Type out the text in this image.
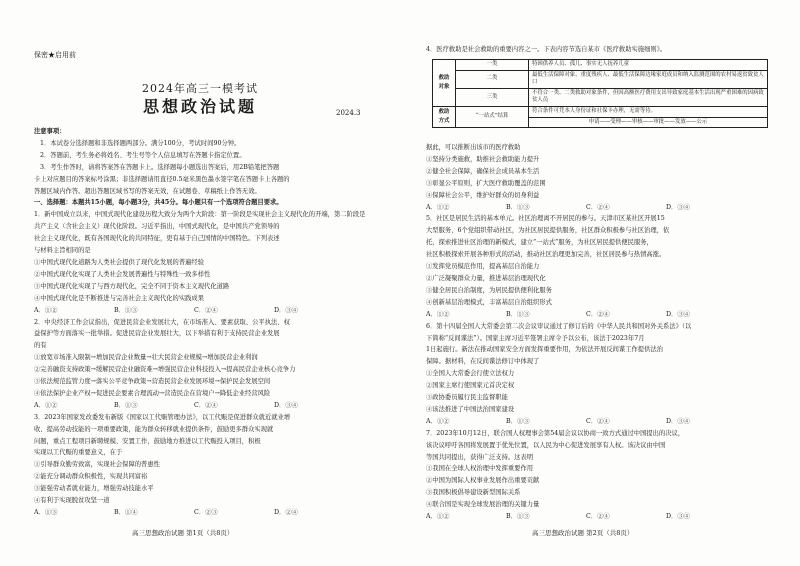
保密★启用前
2024年高三一模考试
思想政治试题	2024.3
注意事项：
1．本试卷分选择题和非选择题两部分。满分100分，考试时间90分钟。
2．答题前，考生务必将姓名、考生号等个人信息填写在答题卡指定位置。
3．考生作答时，请将答案答在答题卡上。选择题每小题选出答案后，用2B铅笔把答题
卡上对应题目的答案标号涂黑；非选择题请用直径0.5毫米黑色墨水签字笔在答题卡上各题的
答题区域内作答。超出答题区域书写的答案无效，在试题卷、草稿纸上作答无效。
一、选择题：本题共15小题，每小题3分，共45分。每小题只有一个选项符合题目要求。
1．新中国成立以来，中国式现代化建设历程大致分为两个大阶段：第一阶段是实现社会主义现代化的开端，第二阶段是
共产主义（含社会主义）现代化阶段。习近平指出，中国式现代化，是中国共产党领导的
社会主义现代化，既有各国现代化的共同特征，更有基于自己国情的中国特色。下列表述
与材料主旨相同的是
①中国式现代化道路为人类社会提供了现代化发展的普遍经验
②中国式现代化实现了人类社会发展普遍性与特殊性一致多样性
③中国式现代化实现了与西方现代化，完全不同于资本主义现代化道路
④中国式现代化是不断推进与完善社会主义现代化的实践成果
A．①②	B．①③	C．②④	D．③④
2．中央经济工作会议指出，促进民营企业发展壮大，在市场准入、要素获取、公平执法、权
益保护等方面落实一批举措。促进民营企业发展壮大，以下举措有利于支持民营企业发展
的有
①放宽市场准入限制→增加民营企业数量→壮大民营企业规模→增加民营企业利润
②完善融资支持政策→缓解民营企业融资难→增强民营企业科技投入→提高民营企业核心竞争力
③依法规范监管力度→落实公平竞争政策→营造民营企业发展环境→保护民企发展空间
④依法保护企业产权→促进民企要素合理流动→营造民企在营境户→降低企业经营风险
A．①②	B．①③	C．②④	D．③④
3．2023年国家发改委发布新版《国家以工代赈管理办法》，以工代赈是促进群众就近就业增
收、提高劳动技能的一项重要政策，能为群众转移就业提供条件，鼓励更多群众实现就
问题，重点工程项目新聘规模、安置工作，鼓励地方推进以工代赈投入项目，积极
实现以工代赈的重要意义，在于
①引导群众勤劳致富，实现社会保障的普惠性
②能充分调动群众积极性，实现共同富裕
③能强劳动者就业能力，增强劳动技能水平
④有利于实现脱贫攻坚一道
A．①③	B．①④	C．②③	D．②④
高三思想政治试题 第1页（共8页）
4．医疗救助是社会救助的重要内容之一。下表内容节选自某市《医疗救助实施细则》。
救助对象	一类	特困供养人员、孤儿、事实无人抚养儿童
	二类	最低生活保障对象、重度残疾人、最低生活保障边缘家庭成员和纳入监测范围的农村易返贫致贫人口
	三类	不符合一类、二类救助对象条件，但因高额医疗费用支出导致家庭基本生活出现严重困难的因病致贫人员
救助方式	“一站式”结算	符合条件可凭本人身份证和社保卡办理，无需等待。
		申请——受理——审核——审批——发放——公示
据此，可以推断出该市的医疗救助
①坚持分类施救，助推社会救助能力提升
②健全社会保障，确保社会成员基本生活
③彰显公平原则，扩大医疗救助覆盖的范围
④保障社会公平，维护好群众的切身利益
A．①②	B．①③	C．②④	D．③④
5．社区是居民生活的基本单元。社区治理离不开居民的参与。天津市区某社区开展15
大型服务，6个党组织带动社区，为社区居民提供服务，社区群众积极参与社区治理，依
托，探索推进社区治理的新模式，建立“一站式”服务，为社区居民提供便民服务，
社区积极探索开展各种形式的活动，推动社区治理更加完善，社区居民参与热情高涨。
①发挥党员模范作用，提高基层自治能力
②广泛凝聚群众力量，推进基层治理现代化
③健全居民自治制度，为居民提供便利化服务
④创新基层治理模式，丰富基层自治组织形式
A．①②	B．①③	C．②④	D．③④
6．第十四届全国人大常委会第二次会议审议通过了修订后的《中华人民共和国对外关系法》（以
下简称“反间谍法”）。国家主席习近平签署主席令予以公布，该法于2023年7月
1日起施行。新法在推动国家安全方面发挥重要作用，为依法开展反间谍工作提供法治
保障。据材料，在反间谍法修订中体现了
①全国人大常委会行使立法权力
②国家主席行使国家元首决定权
③政协委员履行民主监督职能
④该法推进了中国法治国家建设
A．①②	B．①③	C．②④	D．③④
7．2023年10月12日，联合国人权理事会第54届会议以协商一致方式通过中国提出的决议，
该决议呼吁各国将发展置于优先位置，以人民为中心促进发展享有人权。该决议由中国
等国共同提出，获得广泛支持。这表明
①我国在全球人权治理中发挥重要作用
②中国为国际人权事业发展作出重要贡献
③我国积极倡导建设新型国际关系
④联合国是实现全球发展治理的关键力量
A．①②	B．①③	C．②④	D．③④
高三思想政治试题 第2页（共8页）
